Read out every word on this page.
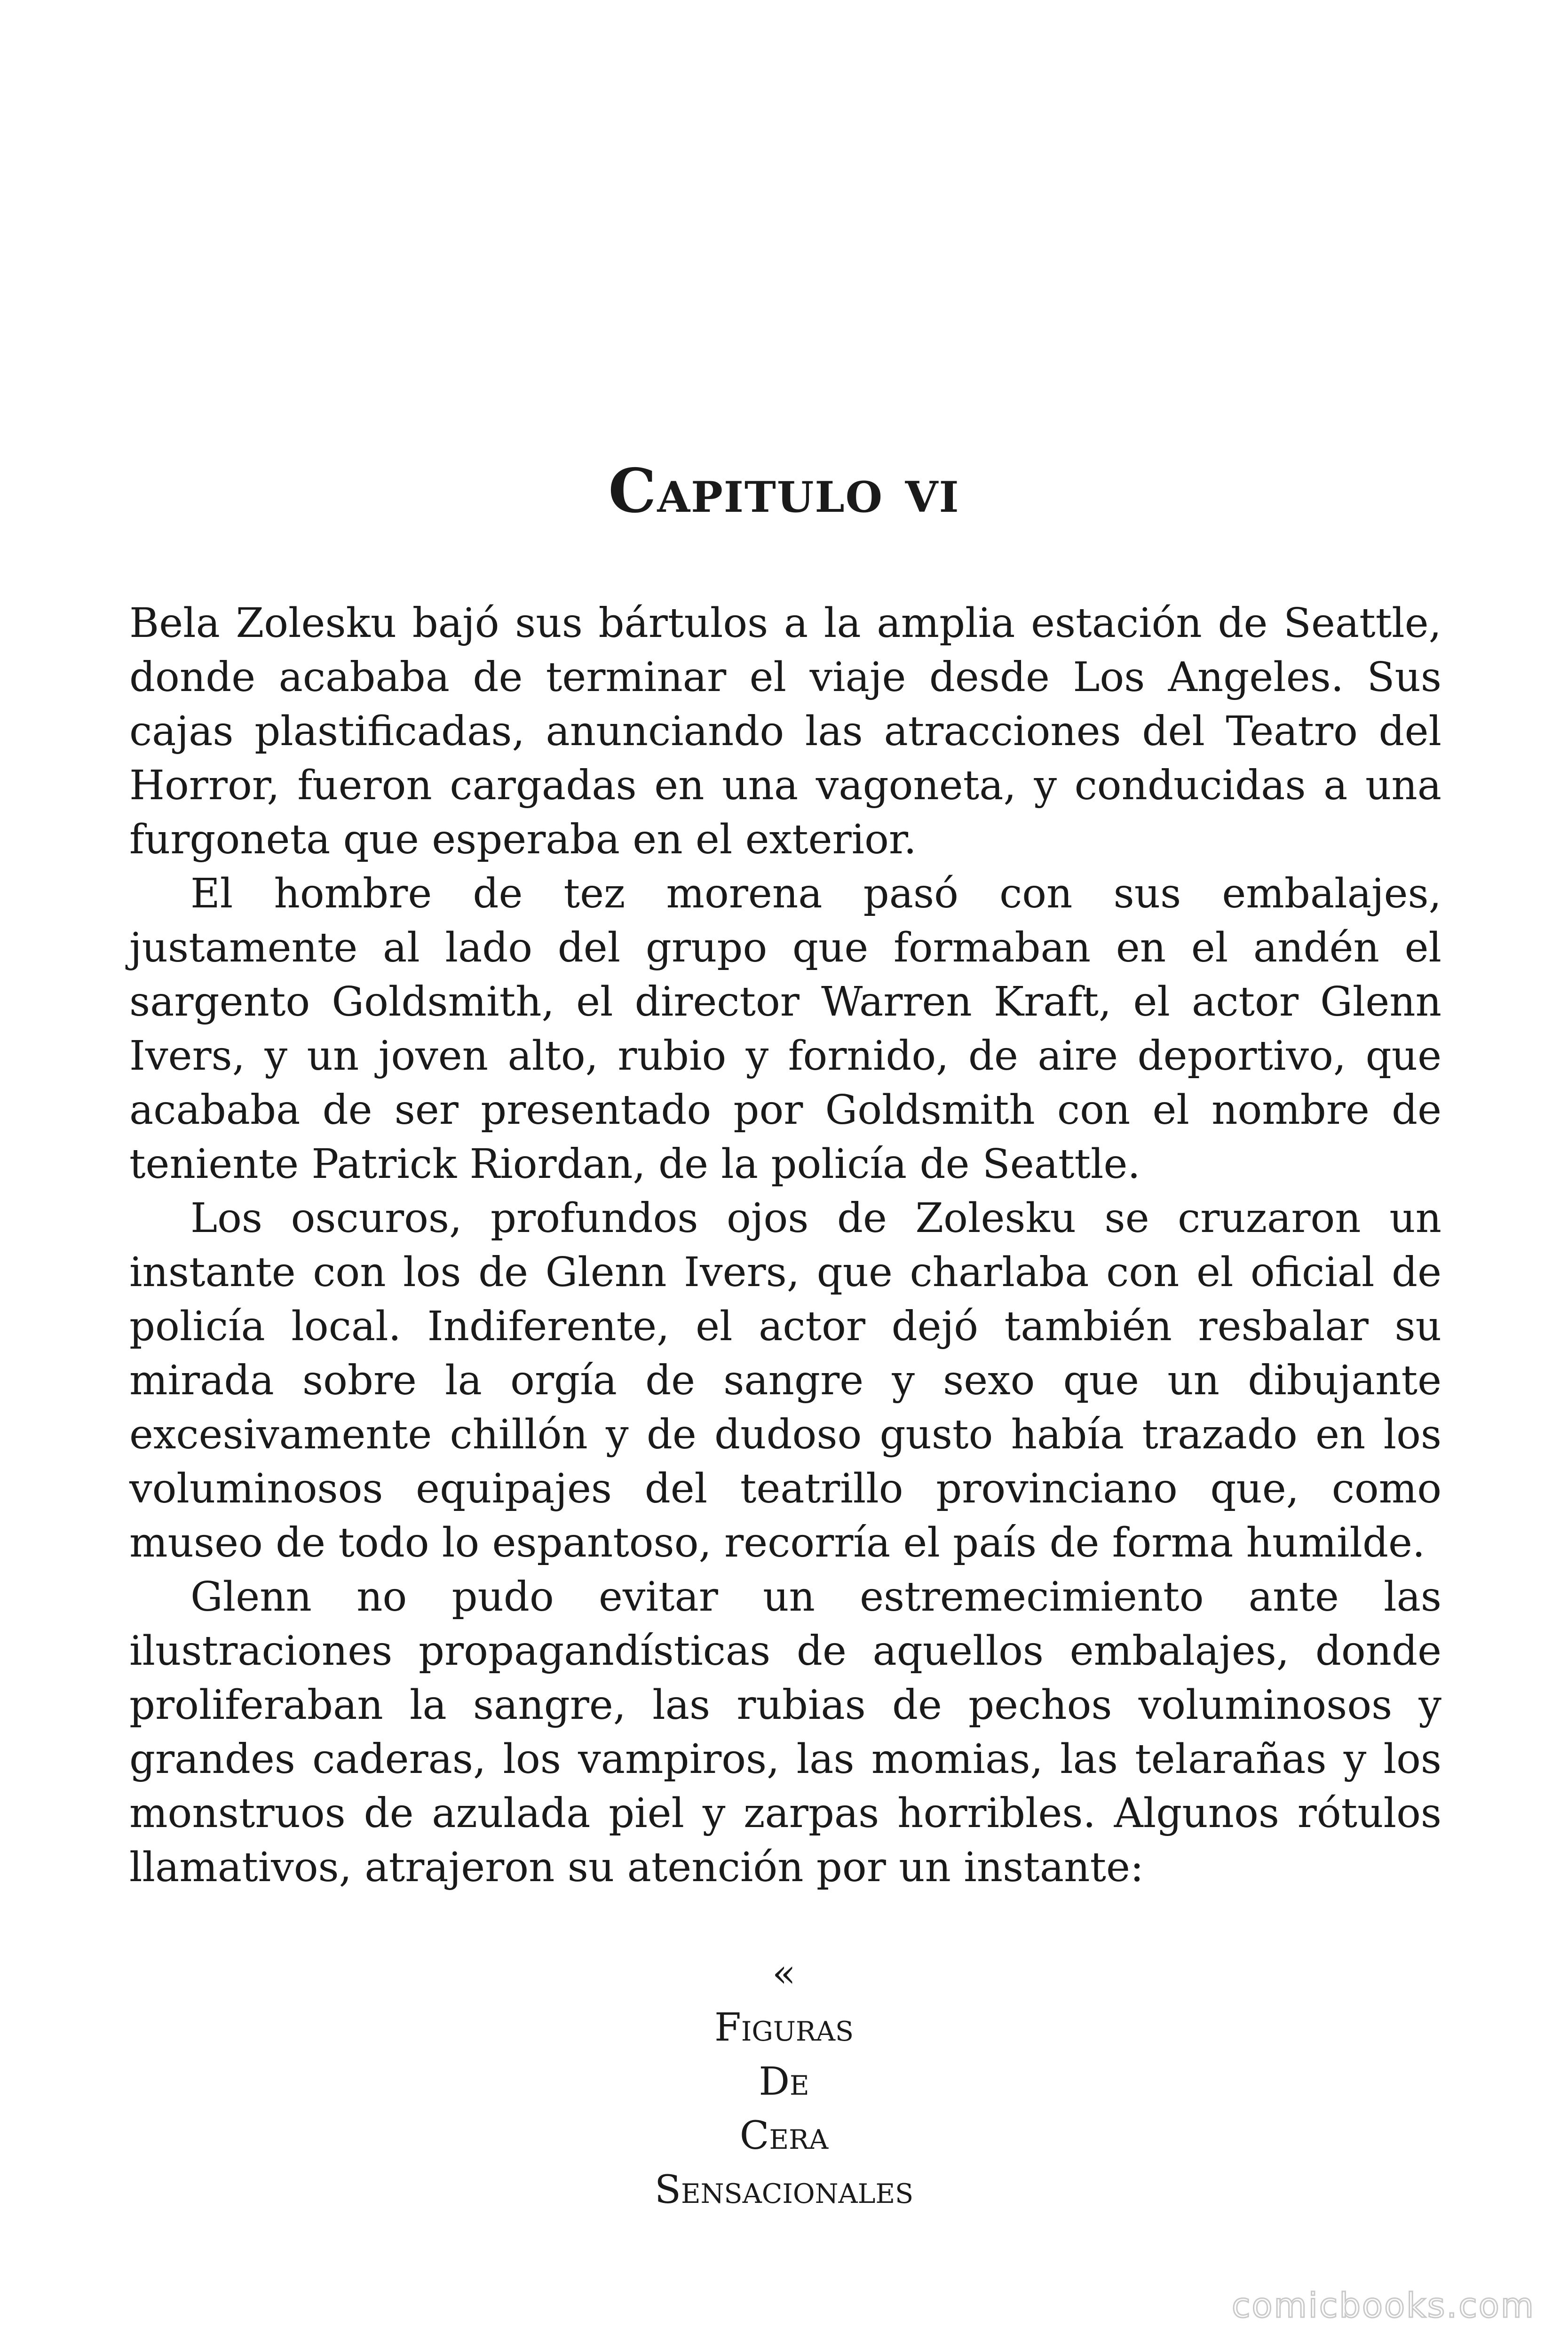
Capitulo vi

Bela Zolesku bajó sus bártulos a la amplia estación de Seattle, donde acababa de terminar el viaje desde Los Angeles. Sus cajas plastificadas, anunciando las atracciones del Teatro del Horror, fueron cargadas en una vagoneta, y conducidas a una furgoneta que esperaba en el exterior.

El hombre de tez morena pasó con sus embalajes, justamente al lado del grupo que formaban en el andén el sargento Goldsmith, el director Warren Kraft, el actor Glenn Ivers, y un joven alto, rubio y fornido, de aire deportivo, que acababa de ser presentado por Goldsmith con el nombre de teniente Patrick Riordan, de la policía de Seattle.

Los oscuros, profundos ojos de Zolesku se cruzaron un instante con los de Glenn Ivers, que charlaba con el oficial de policía local. Indiferente, el actor dejó también resbalar su mirada sobre la orgía de sangre y sexo que un dibujante excesivamente chillón y de dudoso gusto había trazado en los voluminosos equipajes del teatrillo provinciano que, como museo de todo lo espantoso, recorría el país de forma humilde.

Glenn no pudo evitar un estremecimiento ante las ilustraciones propagandísticas de aquellos embalajes, donde proliferaban la sangre, las rubias de pechos voluminosos y grandes caderas, los vampiros, las momias, las telarañas y los monstruos de azulada piel y zarpas horribles. Algunos rótulos llamativos, atrajeron su atención por un instante:

«
Figuras
De
Cera
Sensacionales
comicbooks.com
